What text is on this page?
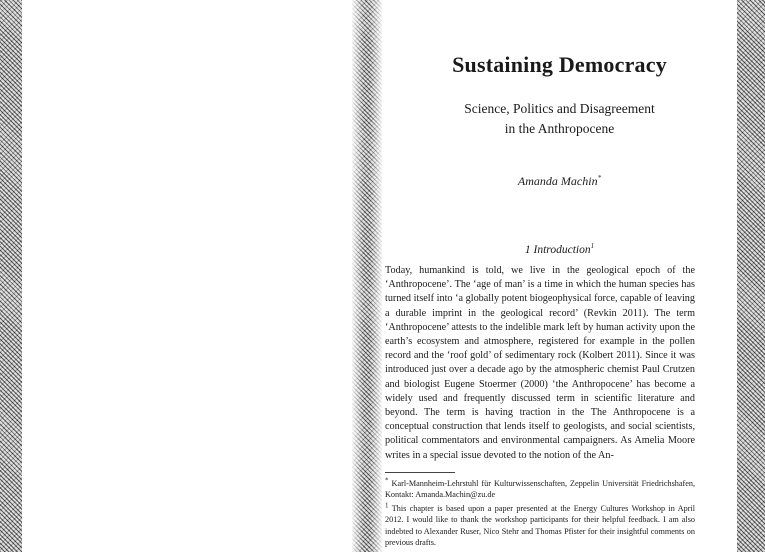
Sustaining Democracy
Science, Politics and Disagreement
in the Anthropocene
Amanda Machin*
1 Introduction$^1$
Today, humankind is told, we live in the geological epoch of the ‘Anthropocene’. The ‘age of man’ is a time in which the human species has turned itself into ‘a globally potent biogeophysical force, capable of leaving a durable imprint in the geological record’ (Revkin 2011). The term ‘Anthropocene’ attests to the indelible mark left by human activity upon the earth’s ecosystem and atmosphere, registered for example in the pollen record and the ‘roof gold’ of sedimentary rock (Kolbert 2011). Since it was introduced just over a decade ago by the atmospheric chemist Paul Crutzen and biologist Eugene Stoermer (2000) ‘the Anthropocene’ has become a widely used and frequently discussed term in scientific literature and beyond. The term is having traction in the The Anthropocene is a conceptual construction that lends itself to geologists, and social scientists, political commentators and environmental campaigners. As Amelia Moore writes in a special issue devoted to the notion of the An-

* Karl-Mannheim-Lehrstuhl für Kulturwissenschaften, Zeppelin Universität Friedrichshafen, Kontakt: Amanda.Machin@zu.de

1 This chapter is based upon a paper presented at the Energy Cultures Workshop in April 2012. I would like to thank the workshop participants for their helpful feedback. I am also indebted to Alexander Ruser, Nico Stehr and Thomas Pfister for their insightful comments on previous drafts.
